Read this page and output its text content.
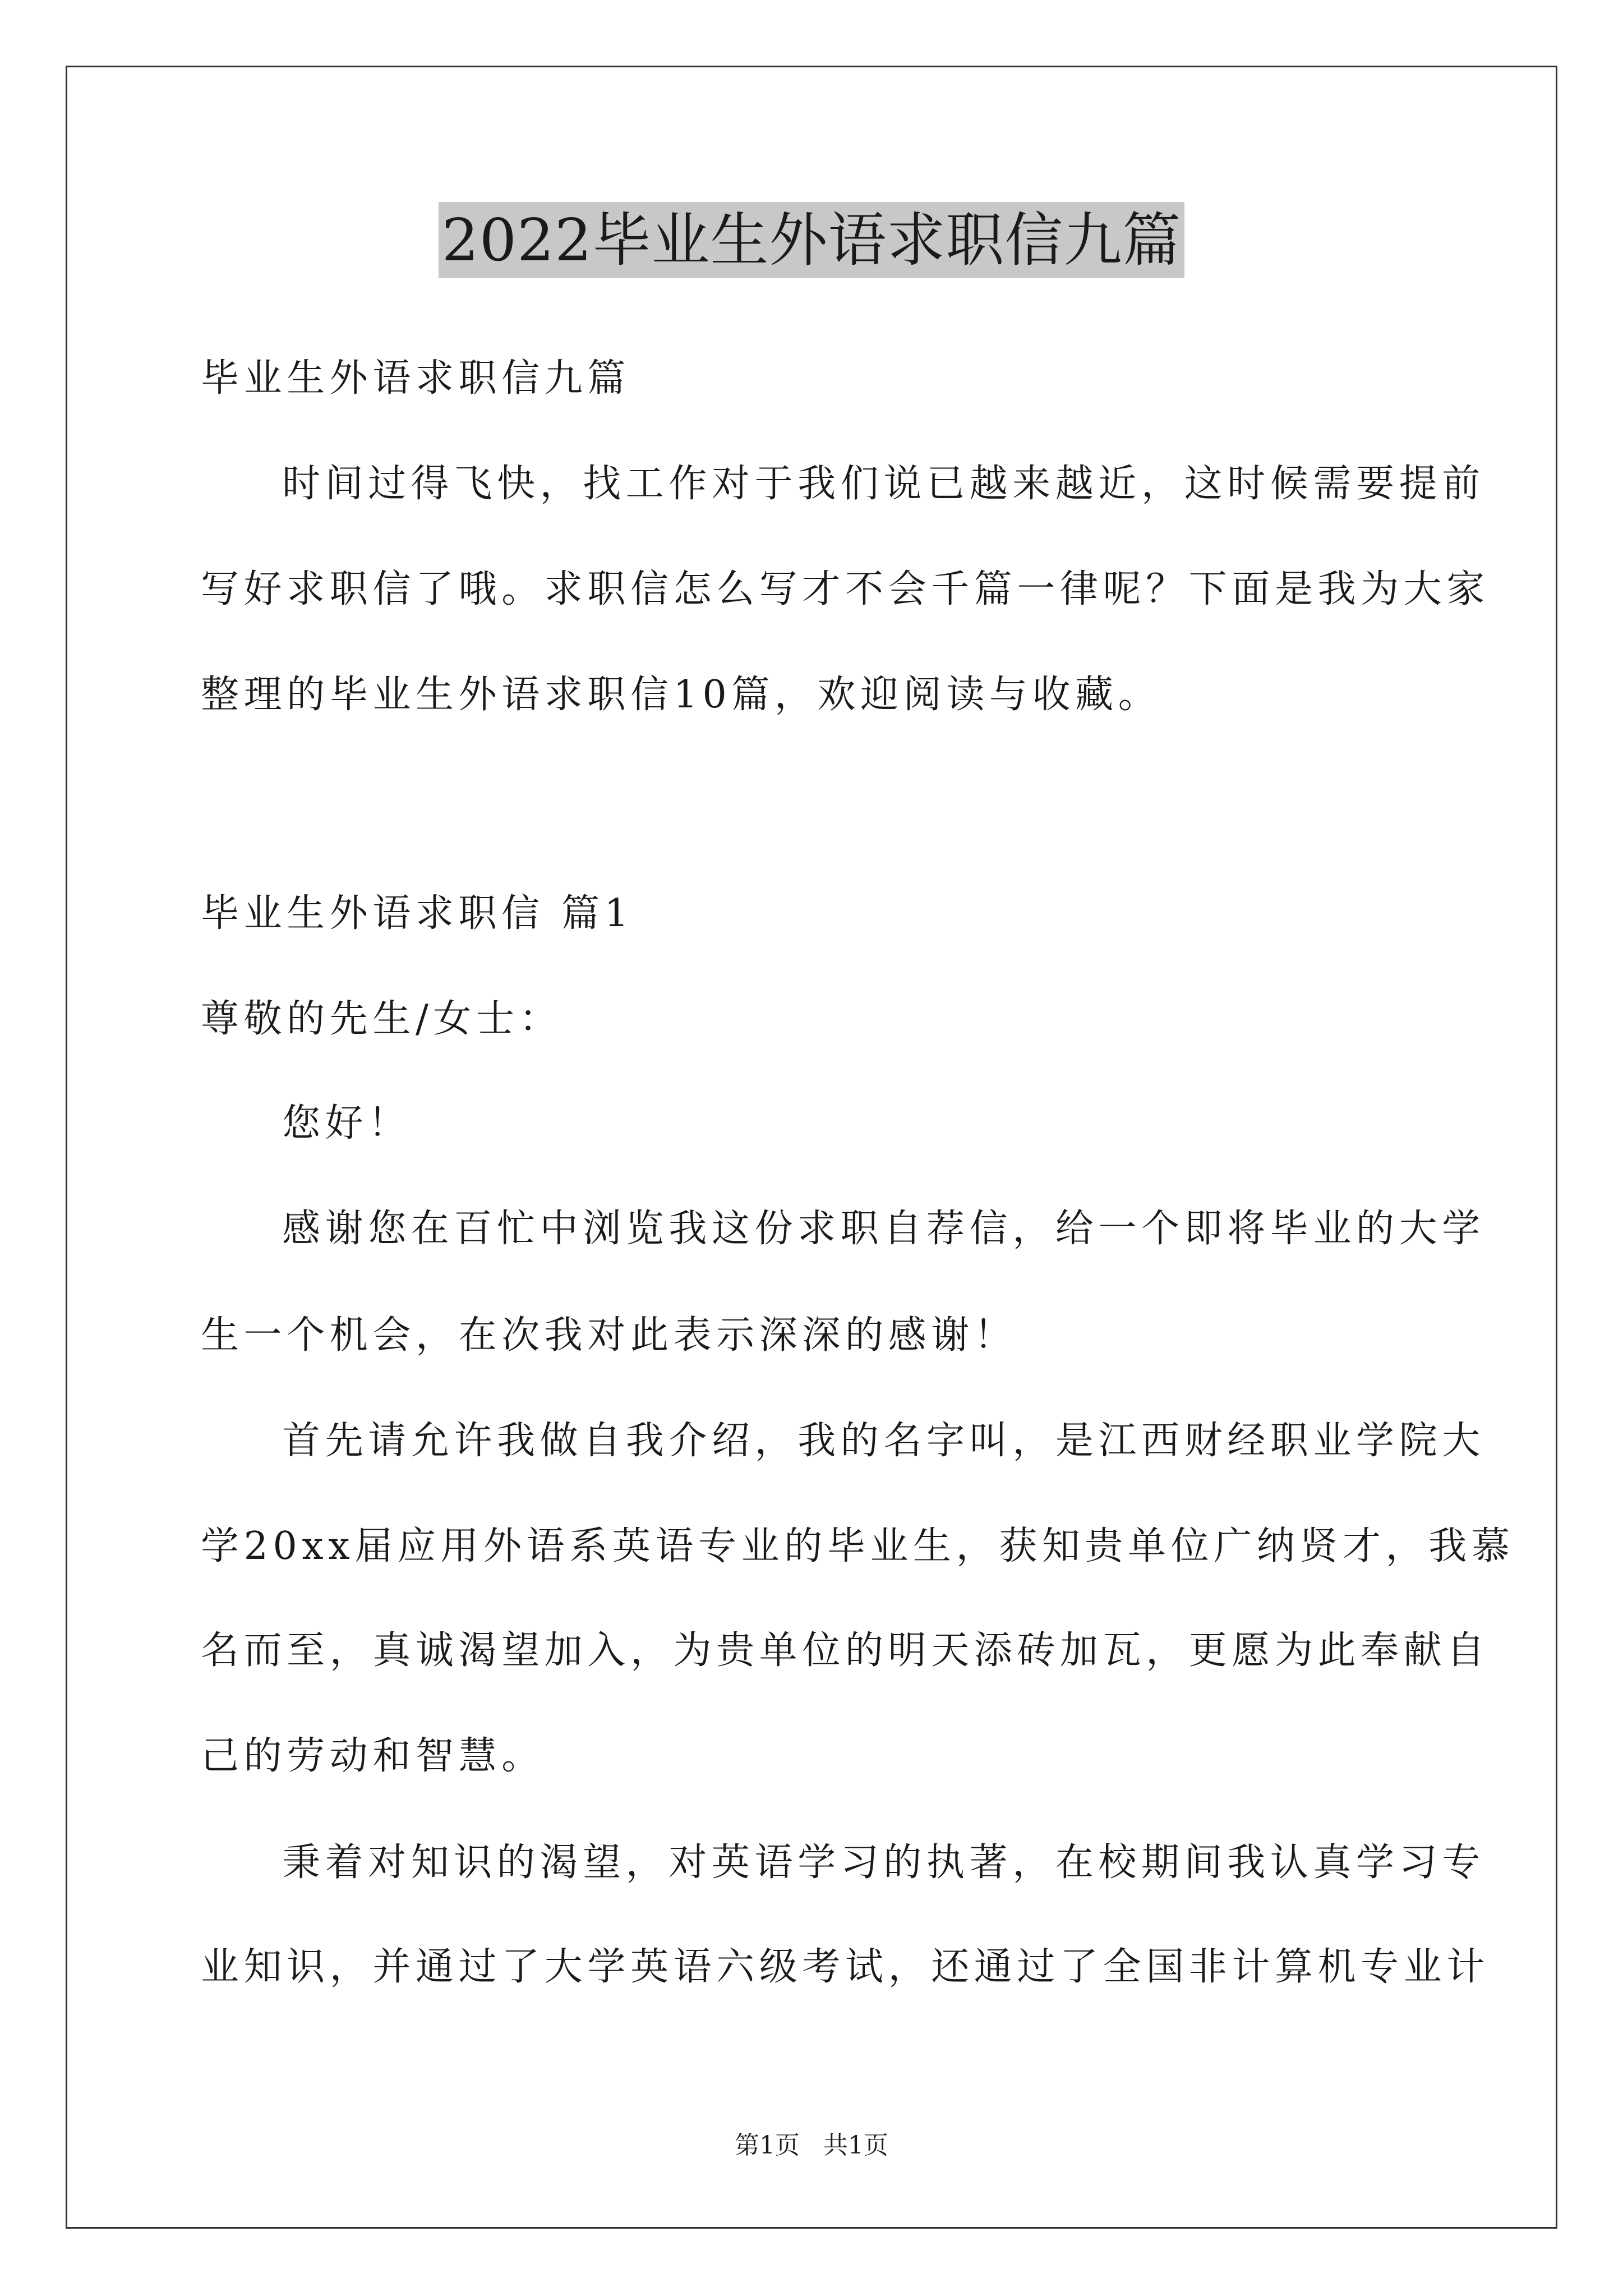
2022毕业生外语求职信九篇
毕业生外语求职信九篇
时间过得飞快，找工作对于我们说已越来越近，这时候需要提前
写好求职信了哦。求职信怎么写才不会千篇一律呢？下面是我为大家
整理的毕业生外语求职信10篇，欢迎阅读与收藏。
毕业生外语求职信 篇1
尊敬的先生/女士：
您好！
感谢您在百忙中浏览我这份求职自荐信，给一个即将毕业的大学
生一个机会，在次我对此表示深深的感谢！
首先请允许我做自我介绍，我的名字叫，是江西财经职业学院大
学20xx届应用外语系英语专业的毕业生，获知贵单位广纳贤才，我慕
名而至，真诚渴望加入，为贵单位的明天添砖加瓦，更愿为此奉献自
己的劳动和智慧。
秉着对知识的渴望，对英语学习的执著，在校期间我认真学习专
业知识，并通过了大学英语六级考试，还通过了全国非计算机专业计
第1页   共1页
